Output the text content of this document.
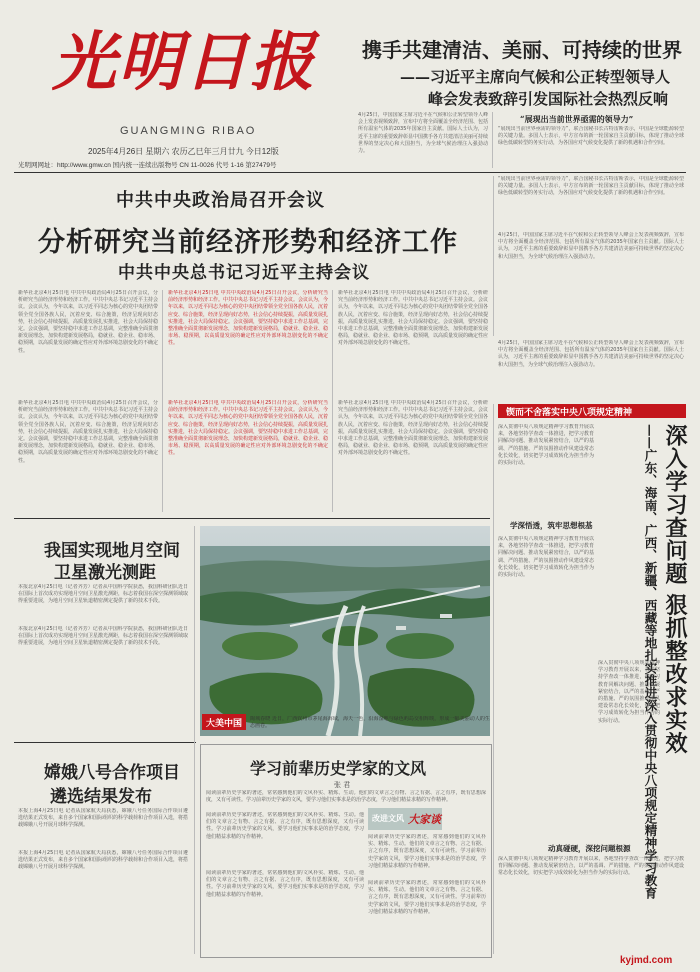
光明日报
GUANGMING RIBAO
2025年4月26日 星期六 农历乙巳年三月廿九 今日12版
光明网网址：http://www.gmw.cn 国内统一连续出版物号 CN 11-0026 代号 1-16 第27479号
携手共建清洁、美丽、可持续的世界
——习近平主席向气候和公正转型领导人
峰会发表致辞引发国际社会热烈反响
4月25日，中国国家主席习近平在气候和公正转型领导人峰会上发表视频致辞，宣布中方将全面覆盖全经济范围、包括所有温室气体的2035年国家自主贡献。国际人士认为，习近平主席的重要致辞彰显中国携手各方共建清洁美丽可持续世界的坚定决心和大国担当，为全球气候治理注入强劲动力。
“展现出当前世界亟需的领导力”
“展现出当前世界亟需的领导力”，联合国秘书长古特雷斯表示，中国是全球能源转型的关键力量。多国人士表示，中方宣布的新一轮国家自主贡献目标，体现了推动全球绿色低碳转型的务实行动，为各国应对气候变化提供了新的机遇和合作空间。
“展现出当前世界亟需的领导力”，联合国秘书长古特雷斯表示，中国是全球能源转型的关键力量。多国人士表示，中方宣布的新一轮国家自主贡献目标，体现了推动全球绿色低碳转型的务实行动，为各国应对气候变化提供了新的机遇和合作空间。
4月25日，中国国家主席习近平在气候和公正转型领导人峰会上发表视频致辞，宣布中方将全面覆盖全经济范围、包括所有温室气体的2035年国家自主贡献。国际人士认为，习近平主席的重要致辞彰显中国携手各方共建清洁美丽可持续世界的坚定决心和大国担当，为全球气候治理注入强劲动力。
中共中央政治局召开会议
分析研究当前经济形势和经济工作
中共中央总书记习近平主持会议
新华社北京4月25日电 中共中央政治局4月25日召开会议，分析研究当前经济形势和经济工作。中共中央总书记习近平主持会议。会议认为，今年以来，以习近平同志为核心的党中央团结带领全党全国各族人民，沉着应变、综合施策，经济呈现向好态势，社会信心持续提振，高质量发展扎实推进，社会大局保持稳定。会议强调，要坚持稳中求进工作总基调，完整准确全面贯彻新发展理念，加快构建新发展格局，稳就业、稳企业、稳市场、稳预期，以高质量发展的确定性应对外部环境急剧变化的不确定性。
新华社北京4月25日电 中共中央政治局4月25日召开会议，分析研究当前经济形势和经济工作。中共中央总书记习近平主持会议。会议认为，今年以来，以习近平同志为核心的党中央团结带领全党全国各族人民，沉着应变、综合施策，经济呈现向好态势，社会信心持续提振，高质量发展扎实推进，社会大局保持稳定。会议强调，要坚持稳中求进工作总基调，完整准确全面贯彻新发展理念，加快构建新发展格局，稳就业、稳企业、稳市场、稳预期，以高质量发展的确定性应对外部环境急剧变化的不确定性。
新华社北京4月25日电 中共中央政治局4月25日召开会议，分析研究当前经济形势和经济工作。中共中央总书记习近平主持会议。会议认为，今年以来，以习近平同志为核心的党中央团结带领全党全国各族人民，沉着应变、综合施策，经济呈现向好态势，社会信心持续提振，高质量发展扎实推进，社会大局保持稳定。会议强调，要坚持稳中求进工作总基调，完整准确全面贯彻新发展理念，加快构建新发展格局，稳就业、稳企业、稳市场、稳预期，以高质量发展的确定性应对外部环境急剧变化的不确定性。
新华社北京4月25日电 中共中央政治局4月25日召开会议，分析研究当前经济形势和经济工作。中共中央总书记习近平主持会议。会议认为，今年以来，以习近平同志为核心的党中央团结带领全党全国各族人民，沉着应变、综合施策，经济呈现向好态势，社会信心持续提振，高质量发展扎实推进，社会大局保持稳定。会议强调，要坚持稳中求进工作总基调，完整准确全面贯彻新发展理念，加快构建新发展格局，稳就业、稳企业、稳市场、稳预期，以高质量发展的确定性应对外部环境急剧变化的不确定性。
新华社北京4月25日电 中共中央政治局4月25日召开会议，分析研究当前经济形势和经济工作。中共中央总书记习近平主持会议。会议认为，今年以来，以习近平同志为核心的党中央团结带领全党全国各族人民，沉着应变、综合施策，经济呈现向好态势，社会信心持续提振，高质量发展扎实推进，社会大局保持稳定。会议强调，要坚持稳中求进工作总基调，完整准确全面贯彻新发展理念，加快构建新发展格局，稳就业、稳企业、稳市场、稳预期，以高质量发展的确定性应对外部环境急剧变化的不确定性。
新华社北京4月25日电 中共中央政治局4月25日召开会议，分析研究当前经济形势和经济工作。中共中央总书记习近平主持会议。会议认为，今年以来，以习近平同志为核心的党中央团结带领全党全国各族人民，沉着应变、综合施策，经济呈现向好态势，社会信心持续提振，高质量发展扎实推进，社会大局保持稳定。会议强调，要坚持稳中求进工作总基调，完整准确全面贯彻新发展理念，加快构建新发展格局，稳就业、稳企业、稳市场、稳预期，以高质量发展的确定性应对外部环境急剧变化的不确定性。
4月25日，中国国家主席习近平在气候和公正转型领导人峰会上发表视频致辞，宣布中方将全面覆盖全经济范围、包括所有温室气体的2035年国家自主贡献。国际人士认为，习近平主席的重要致辞彰显中国携手各方共建清洁美丽可持续世界的坚定决心和大国担当，为全球气候治理注入强劲动力。
锲而不舍落实中央八项规定精神
深入贯彻中央八项规定精神学习教育开展以来，各地坚持学查改一体推进，把学习教育同解决问题、推动发展紧密结合，以严的基调、严的措施、严的氛围推动作风建设常态化长效化，切实把学习成效转化为担当作为的实际行动。	深入学习查问题 狠抓整改求实效
——广东、海南、广西、新疆、西藏等地扎实推进深入贯彻中央八项规定精神学习教育
学深悟透，筑牢思想根基
深入贯彻中央八项规定精神学习教育开展以来，各地坚持学查改一体推进，把学习教育同解决问题、推动发展紧密结合，以严的基调、严的措施、严的氛围推动作风建设常态化长效化，切实把学习成效转化为担当作为的实际行动。
深入贯彻中央八项规定精神学习教育开展以来，各地坚持学查改一体推进，把学习教育同解决问题、推动发展紧密结合，以严的基调、严的措施、严的氛围推动作风建设常态化长效化，切实把学习成效转化为担当作为的实际行动。
动真碰硬，深挖问题根源
深入贯彻中央八项规定精神学习教育开展以来，各地坚持学查改一体推进，把学习教育同解决问题、推动发展紧密结合，以严的基调、严的措施、严的氛围推动作风建设常态化长效化，切实把学习成效转化为担当作为的实际行动。
我国实现地月空间
卫星激光测距
本报北京4月25日电（记者齐芳）记者从中国科学院获悉，我国科研团队近日在国际上首次成功实现地月空间卫星激光测距，标志着我国在深空探测领域取得重要进展，为地月空间卫星轨道精密测定提供了新的技术手段。
本报北京4月25日电（记者齐芳）记者从中国科学院获悉，我国科研团队近日在国际上首次成功实现地月空间卫星激光测距，标志着我国在深空探测领域取得重要进展，为地月空间卫星轨道精密测定提供了新的技术手段。
大美中国 陶城春晓 近日，广西钦州市茅尾海海域，海天一色，沿海湿地与绿色屿岛交相辉映，形成一幅美丽动人的生态画卷。
嫦娥八号合作项目
遴选结果发布
本报上海4月25日电 记者从国家航天局获悉，嫦娥八号任务国际合作项目遴选结果正式发布，来自多个国家和国际组织的科学载荷和合作项目入选，将搭载嫦娥八号开展月球科学探测。
本报上海4月25日电 记者从国家航天局获悉，嫦娥八号任务国际合作项目遴选结果正式发布，来自多个国家和国际组织的科学载荷和合作项目入选，将搭载嫦娥八号开展月球科学探测。
学习前辈历史学家的文风
张 君
阅读前辈历史学家的著述，常常感到他们的文风朴实、精炼、生动。他们的文章言之有物、言之有据、言之有序，既有思想深度，又有可读性。学习前辈历史学家的文风，要学习他们实事求是的治学态度，学习他们精益求精的写作精神。
改进文风 大家谈
阅读前辈历史学家的著述，常常感到他们的文风朴实、精炼、生动。他们的文章言之有物、言之有据、言之有序，既有思想深度，又有可读性。学习前辈历史学家的文风，要学习他们实事求是的治学态度，学习他们精益求精的写作精神。
阅读前辈历史学家的著述，常常感到他们的文风朴实、精炼、生动。他们的文章言之有物、言之有据、言之有序，既有思想深度，又有可读性。学习前辈历史学家的文风，要学习他们实事求是的治学态度，学习他们精益求精的写作精神。
阅读前辈历史学家的著述，常常感到他们的文风朴实、精炼、生动。他们的文章言之有物、言之有据、言之有序，既有思想深度，又有可读性。学习前辈历史学家的文风，要学习他们实事求是的治学态度，学习他们精益求精的写作精神。
阅读前辈历史学家的著述，常常感到他们的文风朴实、精炼、生动。他们的文章言之有物、言之有据、言之有序，既有思想深度，又有可读性。学习前辈历史学家的文风，要学习他们实事求是的治学态度，学习他们精益求精的写作精神。
kyjmd.com
